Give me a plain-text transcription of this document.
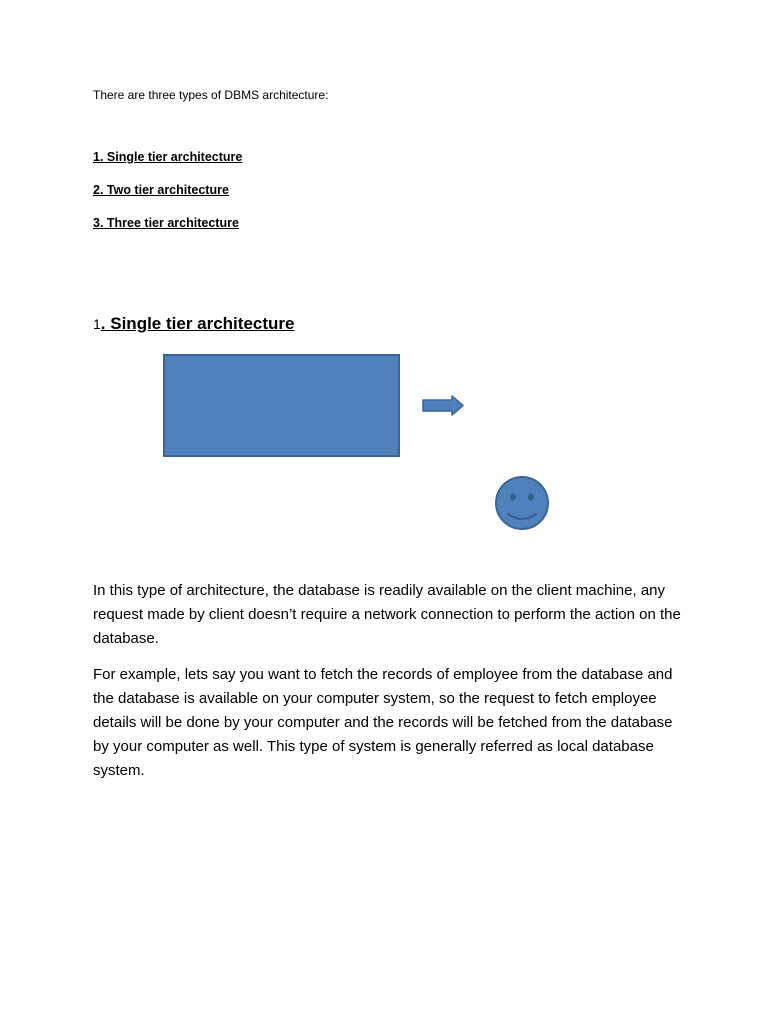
There are three types of DBMS architecture:

1. Single tier architecture

2. Two tier architecture

3. Three tier architecture

1. Single tier architecture

In this type of architecture, the database is readily available on the client machine, any request made by client doesn’t require a network connection to perform the action on the database.

For example, lets say you want to fetch the records of employee from the database and the database is available on your computer system, so the request to fetch employee details will be done by your computer and the records will be fetched from the database by your computer as well. This type of system is generally referred as local database system.
